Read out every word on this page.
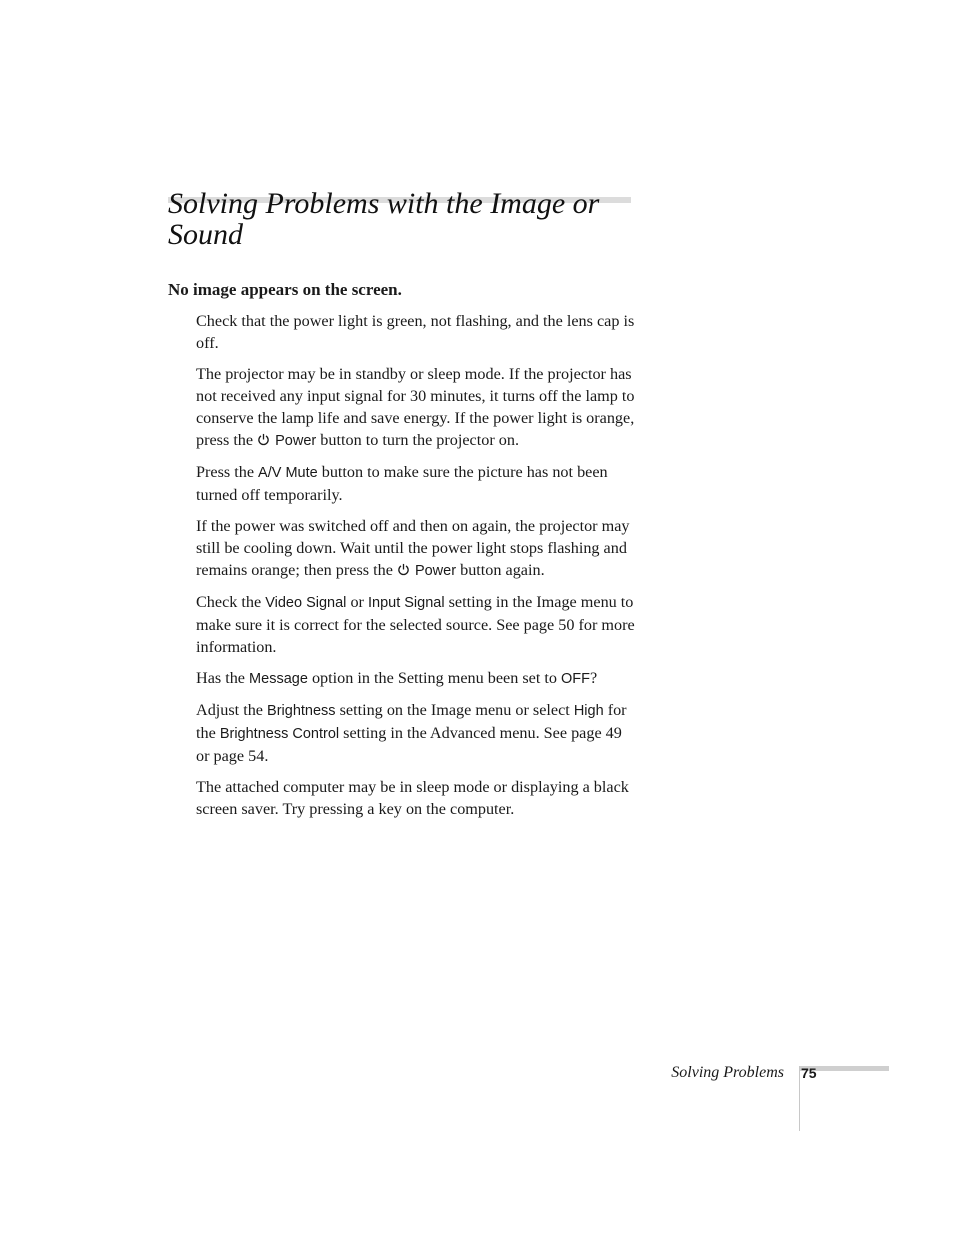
Solving Problems with the Image or Sound
No image appears on the screen.

Check that the power light is green, not flashing, and the lens cap is off.

The projector may be in standby or sleep mode. If the projector has not received any input signal for 30 minutes, it turns off the lamp to conserve the lamp life and save energy. If the power light is orange, press the Power button to turn the projector on.

Press the A/V Mute button to make sure the picture has not been turned off temporarily.

If the power was switched off and then on again, the projector may still be cooling down. Wait until the power light stops flashing and remains orange; then press the Power button again.

Check the Video Signal or Input Signal setting in the Image menu to make sure it is correct for the selected source. See page 50 for more information.

Has the Message option in the Setting menu been set to OFF?

Adjust the Brightness setting on the Image menu or select High for the Brightness Control setting in the Advanced menu. See page 49 or page 54.

The attached computer may be in sleep mode or displaying a black screen saver. Try pressing a key on the computer.

Solving Problems 75
